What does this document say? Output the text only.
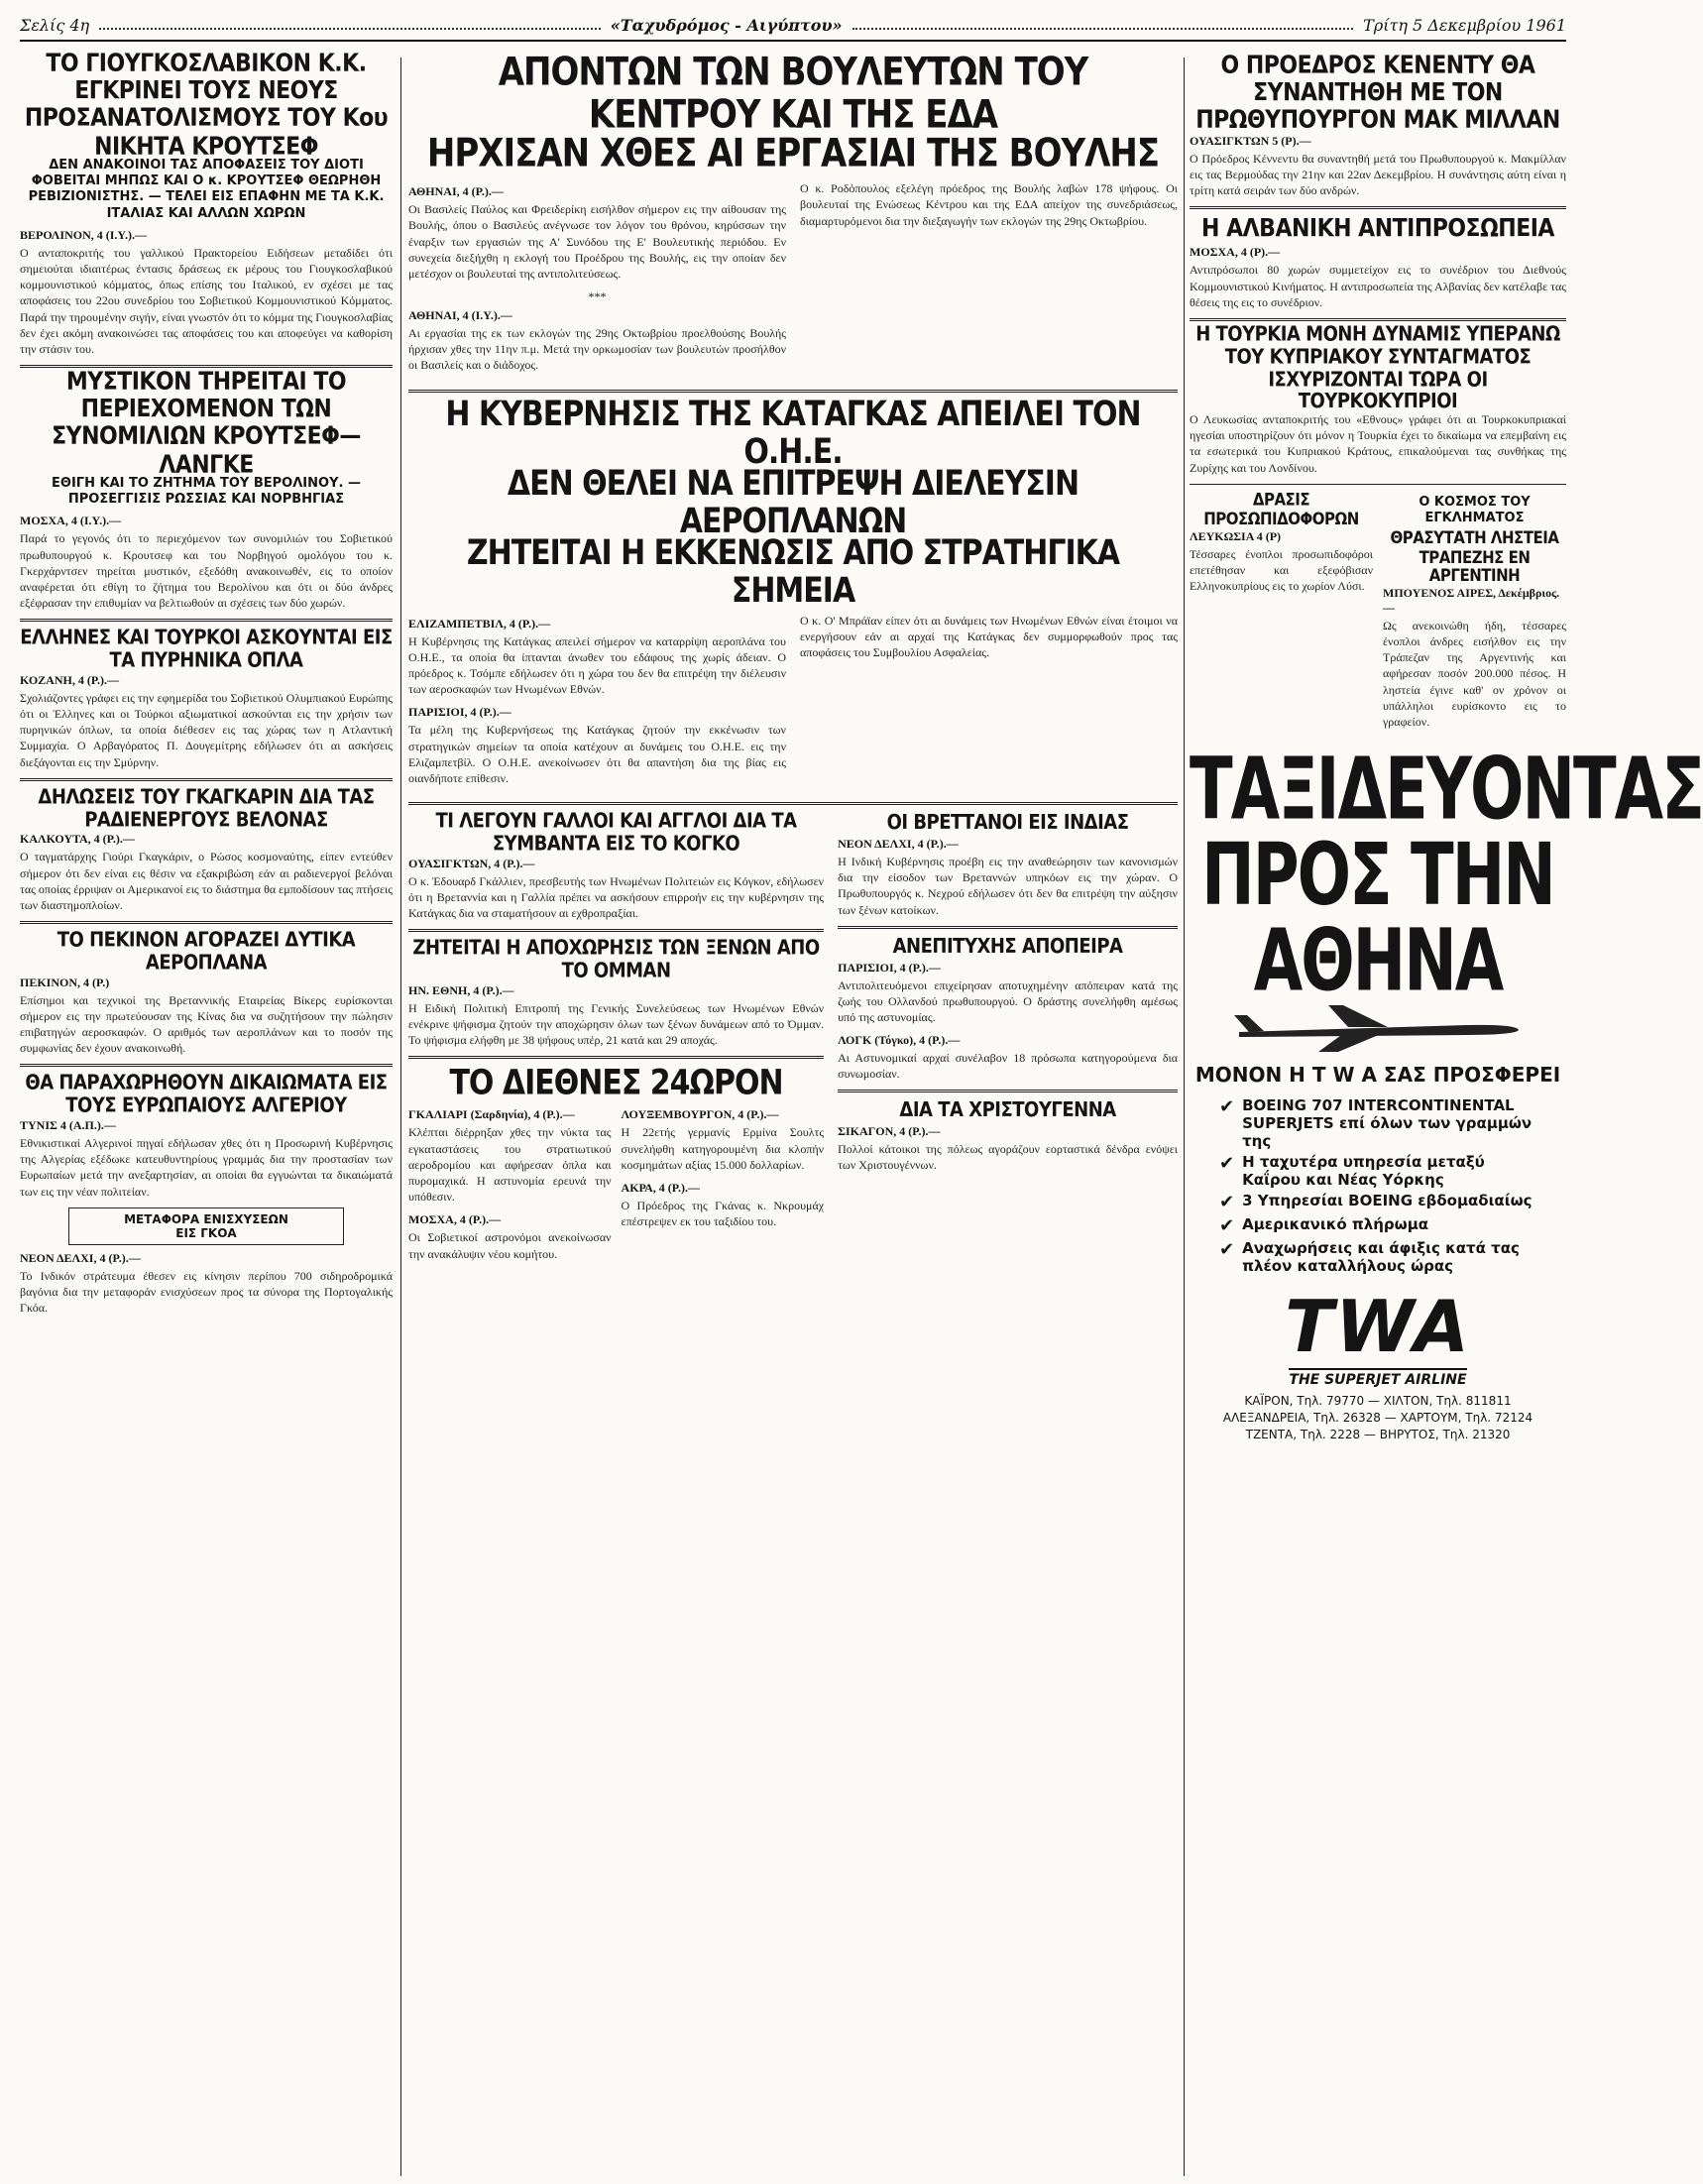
Σελίς 4η	«Ταχυδρόμος - Αιγύπτου»	Τρίτη 5 Δεκεμβρίου 1961
ΤΟ ΓΙΟΥΓΚΟΣΛΑΒΙΚΟΝ Κ.Κ. ΕΓΚΡΙΝΕΙ ΤΟΥΣ ΝΕΟΥΣ ΠΡΟΣΑΝΑΤΟΛΙΣΜΟΥΣ ΤΟΥ Κου ΝΙΚΗΤΑ ΚΡΟΥΤΣΕΦ
ΔΕΝ ΑΝΑΚΟΙΝΟΙ ΤΑΣ ΑΠΟΦΑΣΕΙΣ ΤΟΥ ΔΙΟΤΙ ΦΟΒΕΙΤΑΙ ΜΗΠΩΣ ΚΑΙ Ο κ. ΚΡΟΥΤΣΕΦ ΘΕΩΡΗΘΗ ΡΕΒΙΖΙΟΝΙΣΤΗΣ. — ΤΕΛΕΙ ΕΙΣ ΕΠΑΦΗΝ ΜΕ ΤΑ Κ.Κ. ΙΤΑΛΙΑΣ ΚΑΙ ΑΛΛΩΝ ΧΩΡΩΝ
ΒΕΡΟΛΙΝΟΝ, 4 (Ι.Υ.).—

Ο ανταποκριτής του γαλλικού Πρακτορείου Ειδήσεων μεταδίδει ότι σημειούται ιδιαιτέρως έντασις δράσεως εκ μέρους του Γιουγκοσλαβικού κομμουνιστικού κόμματος, όπως επίσης του Ιταλικού, εν σχέσει με τας αποφάσεις του 22ου συνεδρίου του Σοβιετικού Κομμουνιστικού Κόμματος. Παρά την τηρουμένην σιγήν, είναι γνωστόν ότι το κόμμα της Γιουγκοσλαβίας δεν έχει ακόμη ανακοινώσει τας αποφάσεις του και αποφεύγει να καθορίση την στάσιν του.

ΜΥΣΤΙΚΟΝ ΤΗΡΕΙΤΑΙ ΤΟ ΠΕΡΙΕΧΟΜΕΝΟΝ ΤΩΝ ΣΥΝΟΜΙΛΙΩΝ ΚΡΟΥΤΣΕΦ—ΛΑΝΓΚΕ
ΕΘΙΓΗ ΚΑΙ ΤΟ ΖΗΤΗΜΑ ΤΟΥ ΒΕΡΟΛΙΝΟΥ. — ΠΡΟΣΕΓΓΙΣΙΣ ΡΩΣΣΙΑΣ ΚΑΙ ΝΟΡΒΗΓΙΑΣ
ΜΟΣΧΑ, 4 (Ι.Υ.).—

Παρά το γεγονός ότι το περιεχόμενον των συνομιλιών του Σοβιετικού πρωθυπουργού κ. Κρουτσεφ και του Νορβηγού ομολόγου του κ. Γκερχάρντσεν τηρείται μυστικόν, εξεδόθη ανακοινωθέν, εις το οποίον αναφέρεται ότι εθίγη το ζήτημα του Βερολίνου και ότι οι δύο άνδρες εξέφρασαν την επιθυμίαν να βελτιωθούν αι σχέσεις των δύο χωρών.

ΕΛΛΗΝΕΣ ΚΑΙ ΤΟΥΡΚΟΙ ΑΣΚΟΥΝΤΑΙ ΕΙΣ ΤΑ ΠΥΡΗΝΙΚΑ ΟΠΛΑ
ΚΟΖΑΝΗ, 4 (Ρ.).—

Σχολιάζοντες γράφει εις την εφημερίδα του Σοβιετικού Ολυμπιακού Ευρώπης ότι οι Έλληνες και οι Τούρκοι αξιωματικοί ασκούνται εις την χρήσιν των πυρηνικών όπλων, τα οποία διέθεσεν εις τας χώρας των η Ατλαντική Συμμαχία. Ο Αρβαγόρατος Π. Δουγεμίτρης εδήλωσεν ότι αι ασκήσεις διεξάγονται εις την Σμύρνην.

ΔΗΛΩΣΕΙΣ ΤΟΥ ΓΚΑΓΚΑΡΙΝ ΔΙΑ ΤΑΣ ΡΑΔΙΕΝΕΡΓΟΥΣ ΒΕΛΟΝΑΣ
ΚΑΛΚΟΥΤΑ, 4 (Ρ.).—

Ο ταγματάρχης Γιούρι Γκαγκάριν, ο Ρώσος κοσμοναύτης, είπεν εντεύθεν σήμερον ότι δεν είναι εις θέσιν να εξακριβώση εάν αι ραδιενεργοί βελόναι τας οποίας έρριψαν οι Αμερικανοί εις το διάστημα θα εμποδίσουν τας πτήσεις των διαστημοπλοίων.

ΤΟ ΠΕΚΙΝΟΝ ΑΓΟΡΑΖΕΙ ΔΥΤΙΚΑ ΑΕΡΟΠΛΑΝΑ
ΠΕΚΙΝΟΝ, 4 (Ρ.)

Επίσημοι και τεχνικοί της Βρεταννικής Εταιρείας Βίκερς ευρίσκονται σήμερον εις την πρωτεύουσαν της Κίνας δια να συζητήσουν την πώλησιν επιβατηγών αεροσκαφών. Ο αριθμός των αεροπλάνων και το ποσόν της συμφωνίας δεν έχουν ανακοινωθή.

ΘΑ ΠΑΡΑΧΩΡΗΘΟΥΝ ΔΙΚΑΙΩΜΑΤΑ ΕΙΣ ΤΟΥΣ ΕΥΡΩΠΑΙΟΥΣ ΑΛΓΕΡΙΟΥ
ΤΥΝΙΣ 4 (Α.Π.).—

Εθνικιστικαί Αλγερινοί πηγαί εδήλωσαν χθες ότι η Προσωρινή Κυβέρνησις της Αλγερίας εξέδωκε κατευθυντηρίους γραμμάς δια την προστασίαν των Ευρωπαίων μετά την ανεξαρτησίαν, αι οποίαι θα εγγυώνται τα δικαιώματά των εις την νέαν πολιτείαν.

ΜΕΤΑΦΟΡΑ ΕΝΙΣΧΥΣΕΩΝ
ΕΙΣ ΓΚΟΑ
ΝΕΟΝ ΔΕΛΧΙ, 4 (Ρ.).—

Το Ινδικόν στράτευμα έθεσεν εις κίνησιν περίπου 700 σιδηροδρομικά βαγόνια δια την μεταφοράν ενισχύσεων προς τα σύνορα της Πορτογαλικής Γκόα.

ΑΠΟΝΤΩΝ ΤΩΝ ΒΟΥΛΕΥΤΩΝ ΤΟΥ ΚΕΝΤΡΟΥ ΚΑΙ ΤΗΣ ΕΔΑ
ΗΡΧΙΣΑΝ ΧΘΕΣ ΑΙ ΕΡΓΑΣΙΑΙ ΤΗΣ ΒΟΥΛΗΣ
ΑΘΗΝΑΙ, 4 (Ρ.).—

Οι Βασιλείς Παύλος και Φρειδερίκη εισήλθον σήμερον εις την αίθουσαν της Βουλής, όπου ο Βασιλεύς ανέγνωσε τον λόγον του θρόνου, κηρύσσων την έναρξιν των εργασιών της Α' Συνόδου της Ε' Βουλευτικής περιόδου. Εν συνεχεία διεξήχθη η εκλογή του Προέδρου της Βουλής, εις την οποίαν δεν μετέσχον οι βουλευταί της αντιπολιτεύσεως.

***
ΑΘΗΝΑΙ, 4 (Ι.Υ.).—

Αι εργασίαι της εκ των εκλογών της 29ης Οκτωβρίου προελθούσης Βουλής ήρχισαν χθες την 11ην π.μ. Μετά την ορκωμοσίαν των βουλευτών προσήλθον οι Βασιλείς και ο διάδοχος.

Ο κ. Ροδόπουλος εξελέγη πρόεδρος της Βουλής λαβών 178 ψήφους. Οι βουλευταί της Ενώσεως Κέντρου και της ΕΔΑ απείχον της συνεδριάσεως, διαμαρτυρόμενοι δια την διεξαγωγήν των εκλογών της 29ης Οκτωβρίου.

Η ΚΥΒΕΡΝΗΣΙΣ ΤΗΣ ΚΑΤΑΓΚΑΣ ΑΠΕΙΛΕΙ ΤΟΝ Ο.Η.Ε.
ΔΕΝ ΘΕΛΕΙ ΝΑ ΕΠΙΤΡΕΨΗ ΔΙΕΛΕΥΣΙΝ ΑΕΡΟΠΛΑΝΩΝ
ΖΗΤΕΙΤΑΙ Η ΕΚΚΕΝΩΣΙΣ ΑΠΟ ΣΤΡΑΤΗΓΙΚΑ ΣΗΜΕΙΑ
ΕΛΙΖΑΜΠΕΤΒΙΛ, 4 (Ρ.).—

Η Κυβέρνησις της Κατάγκας απειλεί σήμερον να καταρρίψη αεροπλάνα του Ο.Η.Ε., τα οποία θα ίπτανται άνωθεν του εδάφους της χωρίς άδειαν. Ο πρόεδρος κ. Τσόμπε εδήλωσεν ότι η χώρα του δεν θα επιτρέψη την διέλευσιν των αεροσκαφών των Ηνωμένων Εθνών.

ΠΑΡΙΣΙΟΙ, 4 (Ρ.).—

Τα μέλη της Κυβερνήσεως της Κατάγκας ζητούν την εκκένωσιν των στρατηγικών σημείων τα οποία κατέχουν αι δυνάμεις του Ο.Η.Ε. εις την Ελιζαμπετβίλ. Ο Ο.Η.Ε. ανεκοίνωσεν ότι θα απαντήση δια της βίας εις οιανδήποτε επίθεσιν.

Ο κ. Ο' Μπράϊαν είπεν ότι αι δυνάμεις των Ηνωμένων Εθνών είναι έτοιμοι να ενεργήσουν εάν αι αρχαί της Κατάγκας δεν συμμορφωθούν προς τας αποφάσεις του Συμβουλίου Ασφαλείας.

ΤΙ ΛΕΓΟΥΝ ΓΑΛΛΟΙ ΚΑΙ ΑΓΓΛΟΙ ΔΙΑ ΤΑ ΣΥΜΒΑΝΤΑ ΕΙΣ ΤΟ ΚΟΓΚΟ
ΟΥΑΣΙΓΚΤΩΝ, 4 (Ρ.).—

Ο κ. Έδουαρδ Γκάλλιεν, πρεσβευτής των Ηνωμένων Πολιτειών εις Κόγκον, εδήλωσεν ότι η Βρεταννία και η Γαλλία πρέπει να ασκήσουν επιρροήν εις την κυβέρνησιν της Κατάγκας δια να σταματήσουν αι εχθροπραξίαι.

ΖΗΤΕΙΤΑΙ Η ΑΠΟΧΩΡΗΣΙΣ ΤΩΝ ΞΕΝΩΝ ΑΠΟ ΤΟ ΟΜΜΑΝ
ΗΝ. ΕΘΝΗ, 4 (Ρ.).—

Η Ειδική Πολιτική Επιτροπή της Γενικής Συνελεύσεως των Ηνωμένων Εθνών ενέκρινε ψήφισμα ζητούν την αποχώρησιν όλων των ξένων δυνάμεων από το Όμμαν. Το ψήφισμα ελήφθη με 38 ψήφους υπέρ, 21 κατά και 29 αποχάς.

ΤΟ ΔΙΕΘΝΕΣ 24ΩΡΟΝ
ΓΚΑΛΙΑΡΙ (Σαρδηνία), 4 (Ρ.).—

Κλέπται διέρρηξαν χθες την νύκτα τας εγκαταστάσεις του στρατιωτικού αεροδρομίου και αφήρεσαν όπλα και πυρομαχικά. Η αστυνομία ερευνά την υπόθεσιν.

ΜΟΣΧΑ, 4 (Ρ.).—

Οι Σοβιετικοί αστρονόμοι ανεκοίνωσαν την ανακάλυψιν νέου κομήτου.

ΛΟΥΞΕΜΒΟΥΡΓΟΝ, 4 (Ρ.).—

Η 22ετής γερμανίς Ερμίνα Σουλτς συνελήφθη κατηγορουμένη δια κλοπήν κοσμημάτων αξίας 15.000 δολλαρίων.

ΑΚΡΑ, 4 (Ρ.).—

Ο Πρόεδρος της Γκάνας κ. Νκρουμάχ επέστρεψεν εκ του ταξιδίου του.

ΟΙ ΒΡΕΤΤΑΝΟΙ ΕΙΣ ΙΝΔΙΑΣ
ΝΕΟΝ ΔΕΛΧΙ, 4 (Ρ.).—

Η Ινδική Κυβέρνησις προέβη εις την αναθεώρησιν των κανονισμών δια την είσοδον των Βρεταννών υπηκόων εις την χώραν. Ο Πρωθυπουργός κ. Νεχρού εδήλωσεν ότι δεν θα επιτρέψη την αύξησιν των ξένων κατοίκων.

ΑΝΕΠΙΤΥΧΗΣ ΑΠΟΠΕΙΡΑ
ΠΑΡΙΣΙΟΙ, 4 (Ρ.).—

Αντιπολιτευόμενοι επιχείρησαν αποτυχημένην απόπειραν κατά της ζωής του Ολλανδού πρωθυπουργού. Ο δράστης συνελήφθη αμέσως υπό της αστυνομίας.

ΛΟΓΚ (Τόγκο), 4 (Ρ.).—

Αι Αστυνομικαί αρχαί συνέλαβον 18 πρόσωπα κατηγορούμενα δια συνωμοσίαν.

ΔΙΑ ΤΑ ΧΡΙΣΤΟΥΓΕΝΝΑ
ΣΙΚΑΓΟΝ, 4 (Ρ.).—

Πολλοί κάτοικοι της πόλεως αγοράζουν εορταστικά δένδρα ενόψει των Χριστουγέννων.

Ο ΠΡΟΕΔΡΟΣ ΚΕΝΕΝΤΥ ΘΑ ΣΥΝΑΝΤΗΘΗ ΜΕ ΤΟΝ ΠΡΩΘΥΠΟΥΡΓΟΝ ΜΑΚ ΜΙΛΛΑΝ
ΟΥΑΣΙΓΚΤΩΝ 5 (Ρ).—

Ο Πρόεδρος Κέννεντυ θα συναντηθή μετά του Πρωθυπουργού κ. Μακμίλλαν εις τας Βερμούδας την 21ην και 22αν Δεκεμβρίου. Η συνάντησις αύτη είναι η τρίτη κατά σειράν των δύο ανδρών.

Η ΑΛΒΑΝΙΚΗ ΑΝΤΙΠΡΟΣΩΠΕΙΑ
ΜΟΣΧΑ, 4 (Ρ).—

Αντιπρόσωποι 80 χωρών συμμετείχον εις το συνέδριον του Διεθνούς Κομμουνιστικού Κινήματος. Η αντιπροσωπεία της Αλβανίας δεν κατέλαβε τας θέσεις της εις το συνέδριον.

Η ΤΟΥΡΚΙΑ ΜΟΝΗ ΔΥΝΑΜΙΣ ΥΠΕΡΑΝΩ ΤΟΥ ΚΥΠΡΙΑΚΟΥ ΣΥΝΤΑΓΜΑΤΟΣ ΙΣΧΥΡΙΖΟΝΤΑΙ ΤΩΡΑ ΟΙ ΤΟΥΡΚΟΚΥΠΡΙΟΙ

Ο Λευκωσίας ανταποκριτής του «Εθνους» γράφει ότι αι Τουρκοκυπριακαί ηγεσίαι υποστηρίζουν ότι μόνον η Τουρκία έχει το δικαίωμα να επεμβαίνη εις τα εσωτερικά του Κυπριακού Κράτους, επικαλούμεναι τας συνθήκας της Ζυρίχης και του Λονδίνου.

ΔΡΑΣΙΣ ΠΡΟΣΩΠΙΔΟΦΟΡΩΝ
ΛΕΥΚΩΣΙΑ 4 (Ρ)

Τέσσαρες ένοπλοι προσωπιδοφόροι επετέθησαν και εξεφόβισαν Ελληνοκυπρίους εις το χωρίον Λύσι.

Ο ΚΟΣΜΟΣ ΤΟΥ ΕΓΚΛΗΜΑΤΟΣ
ΘΡΑΣΥΤΑΤΗ ΛΗΣΤΕΙΑ ΤΡΑΠΕΖΗΣ ΕΝ ΑΡΓΕΝΤΙΝΗ
ΜΠΟΥΕΝΟΣ ΑΙΡΕΣ, Δεκέμβριος.—

Ως ανεκοινώθη ήδη, τέσσαρες ένοπλοι άνδρες εισήλθον εις την Τράπεζαν της Αργεντινής και αφήρεσαν ποσόν 200.000 πέσος. Η ληστεία έγινε καθ' ον χρόνον οι υπάλληλοι ευρίσκοντο εις το γραφείον.

ΤΑΞΙΔΕΥΟΝΤΑΣ
ΠΡΟΣ ΤΗΝ
ΑΘΗΝΑ
ΜΟΝΟΝ Η T W A ΣΑΣ ΠΡΟΣΦΕΡΕΙ
✔ BOEING 707 INTERCONTINENTAL SUPERJETS επί όλων των γραμμών της
✔ Η ταχυτέρα υπηρεσία μεταξύ Καΐρου και Νέας Υόρκης
✔ 3 Υπηρεσίαι BOEING εβδομαδιαίως
✔ Αμερικανικό πλήρωμα
✔ Αναχωρήσεις και άφιξις κατά τας πλέον καταλλήλους ώρας
TWA
THE SUPERJET AIRLINE
ΚΑΪΡΟΝ, Τηλ. 79770 — ΧΙΛΤΟΝ, Τηλ. 811811
ΑΛΕΞΑΝΔΡΕΙΑ, Τηλ. 26328 — ΧΑΡΤΟΥΜ, Τηλ. 72124
ΤΖΕΝΤΑ, Τηλ. 2228 — ΒΗΡΥΤΟΣ, Τηλ. 21320
